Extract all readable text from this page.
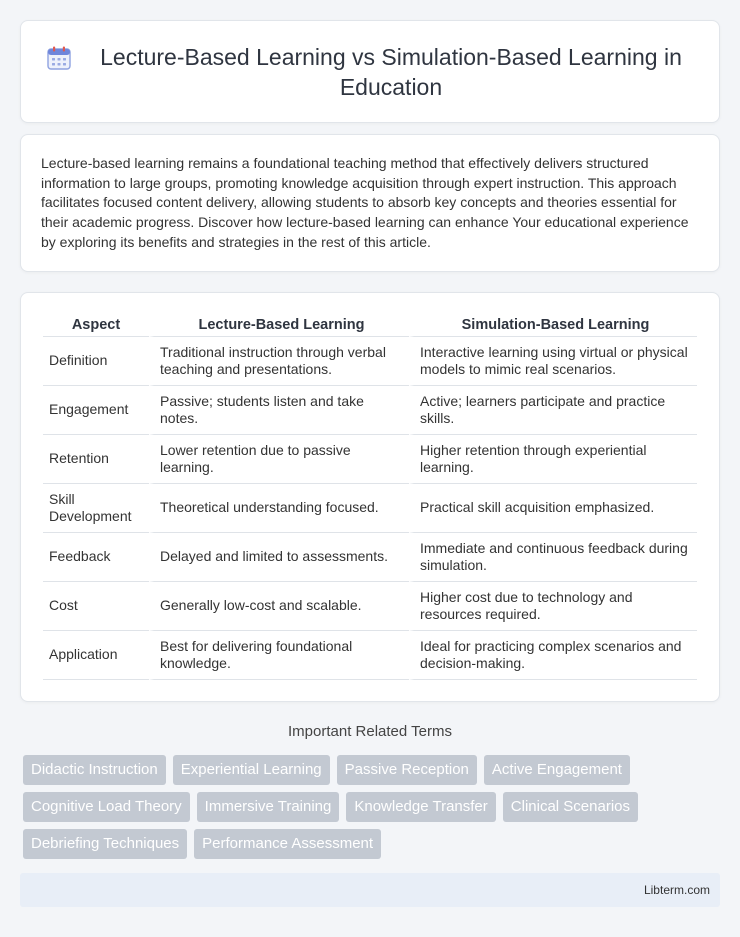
Lecture-Based Learning vs Simulation-Based Learning in Education

Lecture-based learning remains a foundational teaching method that effectively delivers structured information to large groups, promoting knowledge acquisition through expert instruction. This approach facilitates focused content delivery, allowing students to absorb key concepts and theories essential for their academic progress. Discover how lecture-based learning can enhance Your educational experience by exploring its benefits and strategies in the rest of this article.

Aspect	Lecture-Based Learning	Simulation-Based Learning
Definition	Traditional instruction through verbal teaching and presentations.	Interactive learning using virtual or physical models to mimic real scenarios.
Engagement	Passive; students listen and take notes.	Active; learners participate and practice skills.
Retention	Lower retention due to passive learning.	Higher retention through experiential learning.
Skill Development	Theoretical understanding focused.	Practical skill acquisition emphasized.
Feedback	Delayed and limited to assessments.	Immediate and continuous feedback during simulation.
Cost	Generally low-cost and scalable.	Higher cost due to technology and resources required.
Application	Best for delivering foundational knowledge.	Ideal for practicing complex scenarios and decision-making.
Important Related Terms
Didactic Instruction	Experiential Learning	Passive Reception	Active Engagement
Cognitive Load Theory	Immersive Training	Knowledge Transfer	Clinical Scenarios
Debriefing Techniques	Performance Assessment
Libterm.com
